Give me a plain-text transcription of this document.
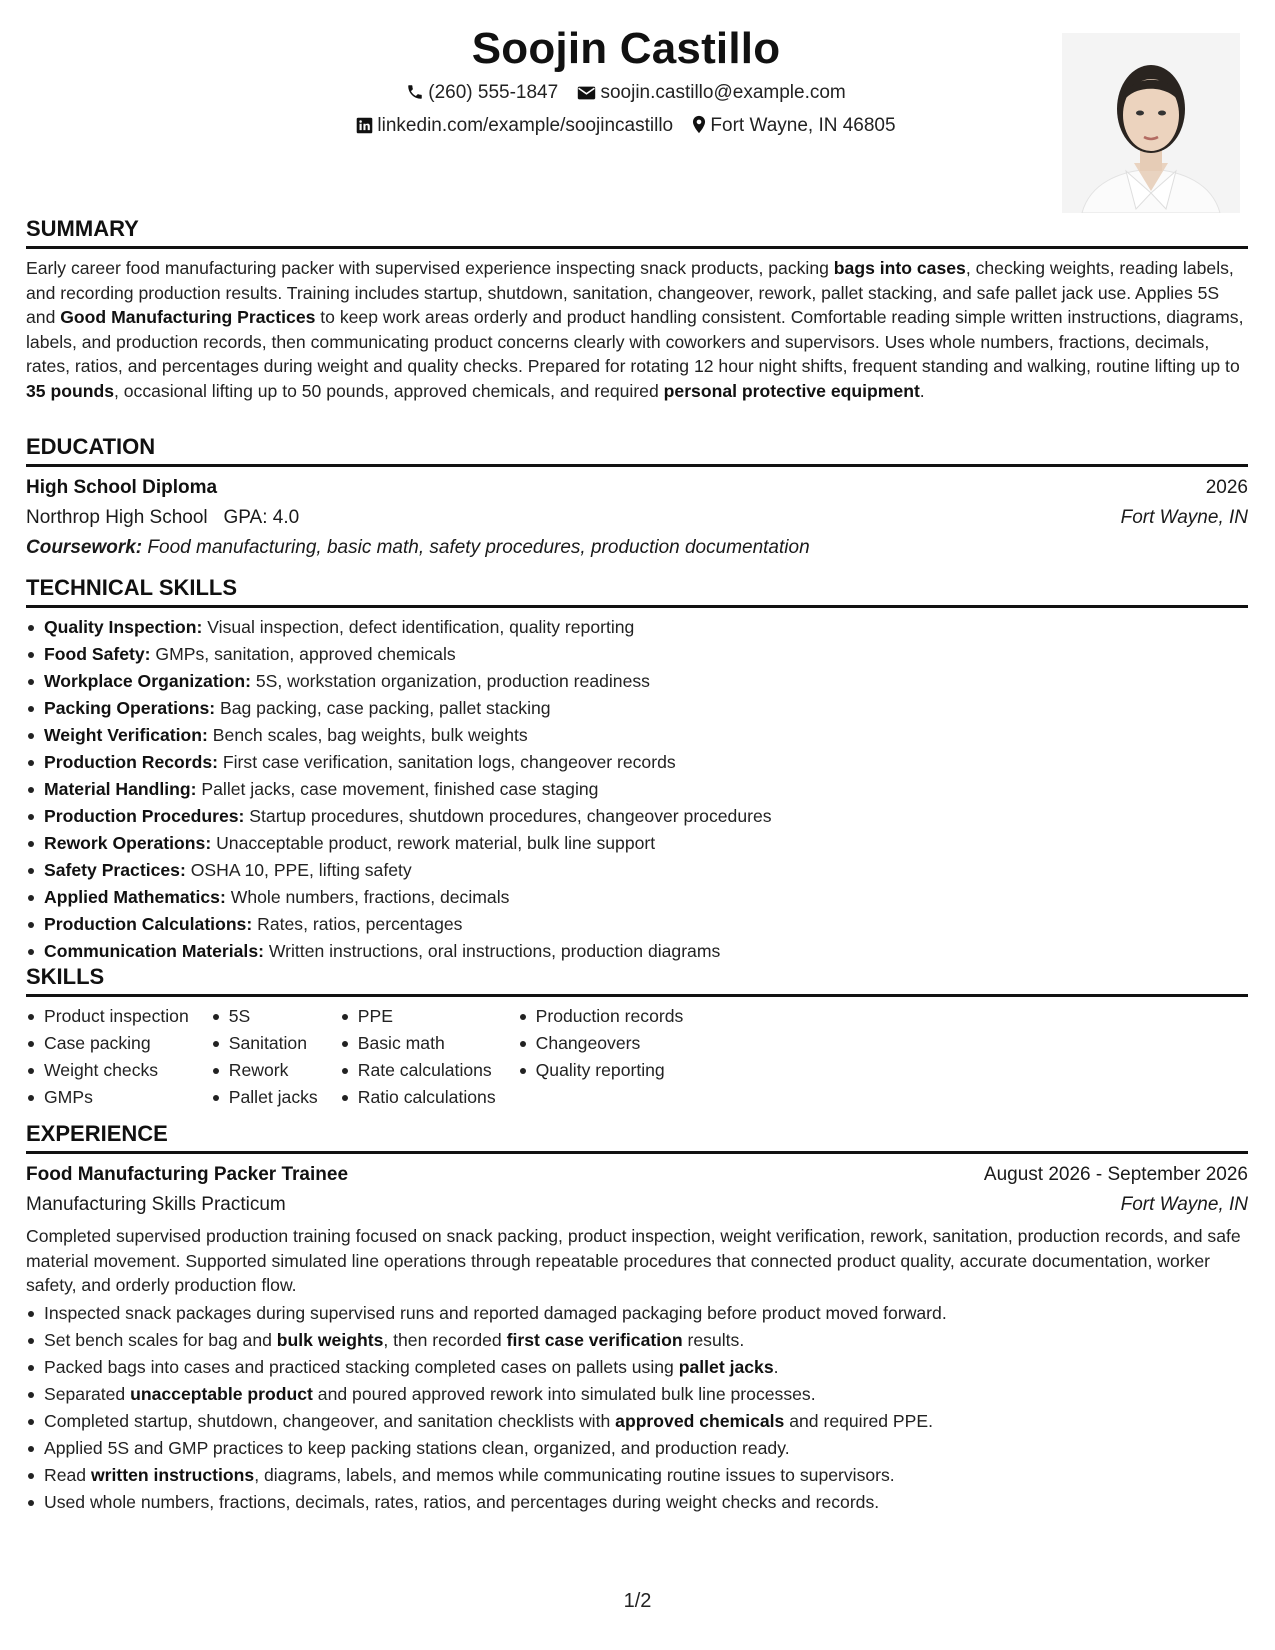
Soojin Castillo
(260) 555-1847 soojin.castillo@example.com
linkedin.com/example/soojincastillo Fort Wayne, IN 46805
SUMMARY

Early career food manufacturing packer with supervised experience inspecting snack products, packing bags into cases, checking weights, reading labels, and recording production results. Training includes startup, shutdown, sanitation, changeover, rework, pallet stacking, and safe pallet jack use. Applies 5S and Good Manufacturing Practices to keep work areas orderly and product handling consistent. Comfortable reading simple written instructions, diagrams, labels, and production records, then communicating product concerns clearly with coworkers and supervisors. Uses whole numbers, fractions, decimals, rates, ratios, and percentages during weight and quality checks. Prepared for rotating 12 hour night shifts, frequent standing and walking, routine lifting up to 35 pounds, occasional lifting up to 50 pounds, approved chemicals, and required personal protective equipment.

EDUCATION
High School Diploma	2026
Northrop High School GPA: 4.0	Fort Wayne, IN
Coursework: Food manufacturing, basic math, safety procedures, production documentation
TECHNICAL SKILLS
Quality Inspection: Visual inspection, defect identification, quality reporting
Food Safety: GMPs, sanitation, approved chemicals
Workplace Organization: 5S, workstation organization, production readiness
Packing Operations: Bag packing, case packing, pallet stacking
Weight Verification: Bench scales, bag weights, bulk weights
Production Records: First case verification, sanitation logs, changeover records
Material Handling: Pallet jacks, case movement, finished case staging
Production Procedures: Startup procedures, shutdown procedures, changeover procedures
Rework Operations: Unacceptable product, rework material, bulk line support
Safety Practices: OSHA 10, PPE, lifting safety
Applied Mathematics: Whole numbers, fractions, decimals
Production Calculations: Rates, ratios, percentages
Communication Materials: Written instructions, oral instructions, production diagrams
SKILLS
Product inspection
Case packing
Weight checks
GMPs
5S
Sanitation
Rework
Pallet jacks
PPE
Basic math
Rate calculations
Ratio calculations
Production records
Changeovers
Quality reporting
EXPERIENCE
Food Manufacturing Packer Trainee	August 2026 - September 2026
Manufacturing Skills Practicum	Fort Wayne, IN

Completed supervised production training focused on snack packing, product inspection, weight verification, rework, sanitation, production records, and safe material movement. Supported simulated line operations through repeatable procedures that connected product quality, accurate documentation, worker safety, and orderly production flow.

Inspected snack packages during supervised runs and reported damaged packaging before product moved forward.
Set bench scales for bag and bulk weights, then recorded first case verification results.
Packed bags into cases and practiced stacking completed cases on pallets using pallet jacks.
Separated unacceptable product and poured approved rework into simulated bulk line processes.
Completed startup, shutdown, changeover, and sanitation checklists with approved chemicals and required PPE.
Applied 5S and GMP practices to keep packing stations clean, organized, and production ready.
Read written instructions, diagrams, labels, and memos while communicating routine issues to supervisors.
Used whole numbers, fractions, decimals, rates, ratios, and percentages during weight checks and records.
1/2
